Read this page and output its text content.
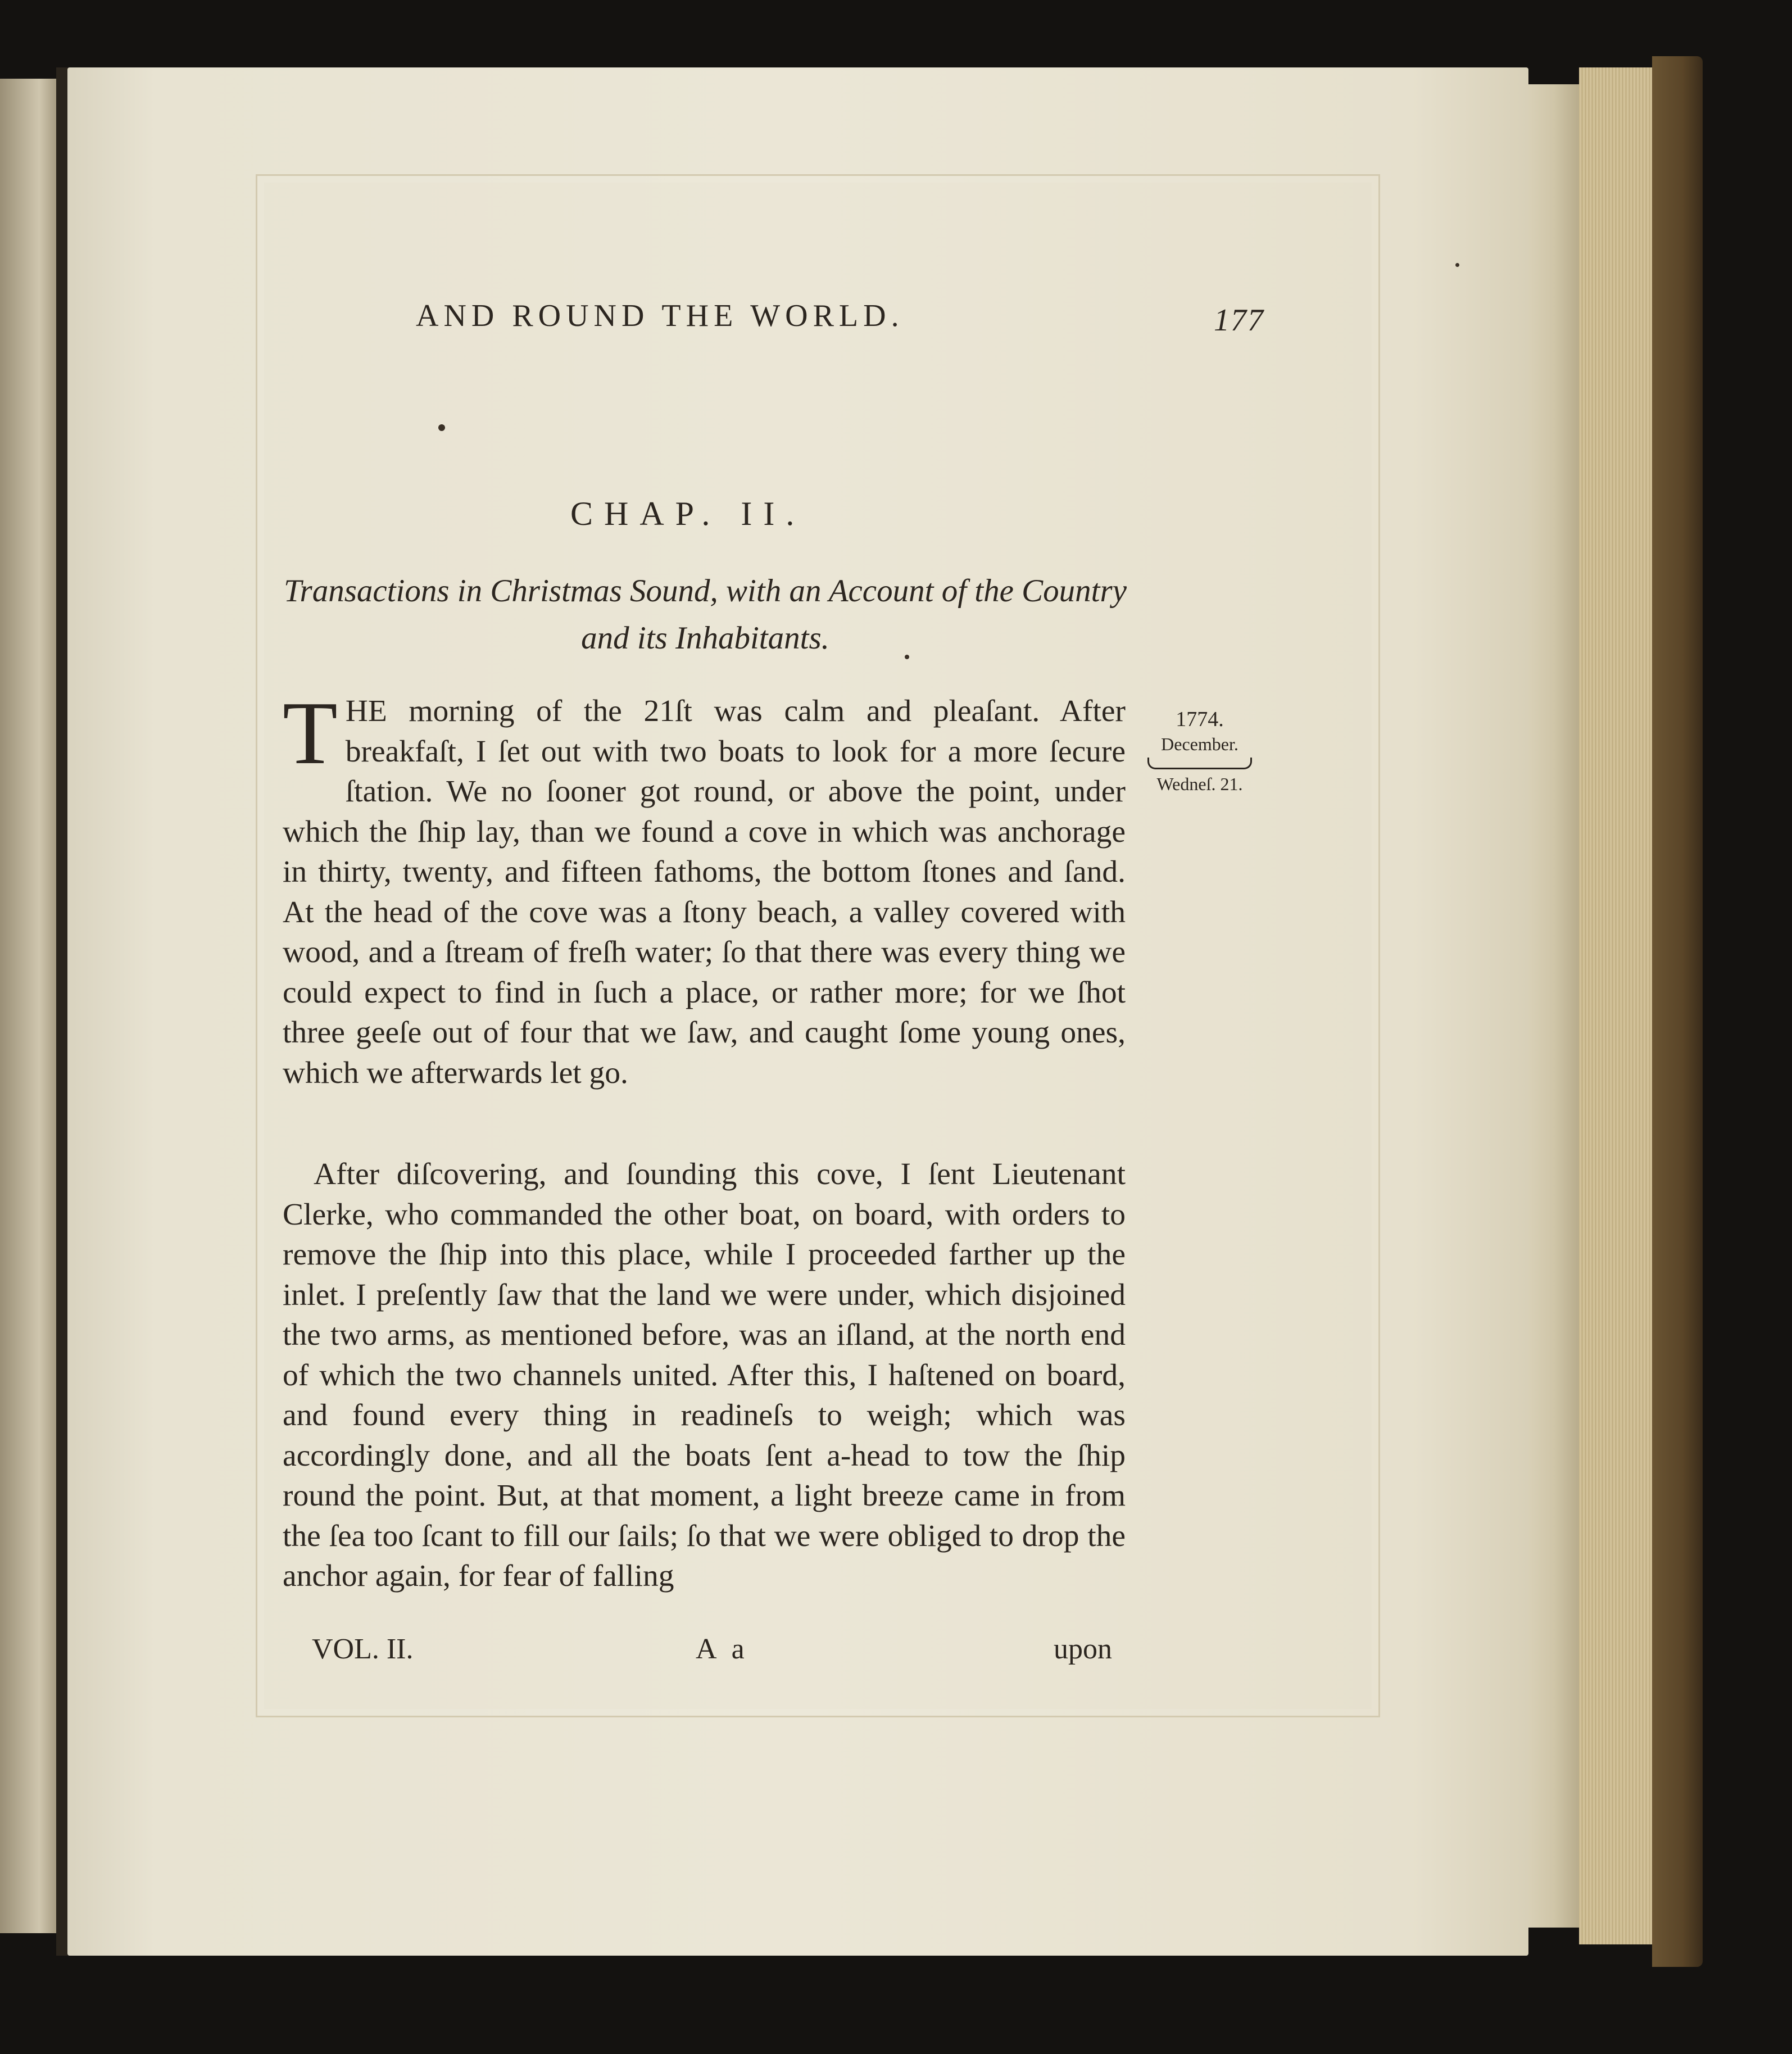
AND ROUND THE WORLD.	177
CHAP. II.
Transactions in Christmas Sound, with an Account of the Country and its Inhabitants.
T HE morning of the 21ſt was calm and pleaſant. After breakfaſt, I ſet out with two boats to look for a more ſecure ſtation. We no ſooner got round, or above the point, under which the ſhip lay, than we found a cove in which was anchorage in thirty, twenty, and fifteen fathoms, the bottom ſtones and ſand. At the head of the cove was a ſtony beach, a valley covered with wood, and a ſtream of freſh water; ſo that there was every thing we could expect to find in ſuch a place, or rather more; for we ſhot three geeſe out of four that we ſaw, and caught ſome young ones, which we afterwards let go.
1774.
December.
Wedneſ. 21.
After diſcovering, and ſounding this cove, I ſent Lieutenant Clerke, who commanded the other boat, on board, with orders to remove the ſhip into this place, while I proceeded farther up the inlet. I preſently ſaw that the land we were under, which disjoined the two arms, as mentioned before, was an iſland, at the north end of which the two channels united. After this, I haſtened on board, and found every thing in readineſs to weigh; which was accordingly done, and all the boats ſent a-head to tow the ſhip round the point. But, at that moment, a light breeze came in from the ſea too ſcant to fill our ſails; ſo that we were obliged to drop the anchor again, for fear of falling
VOL. II.	A a	upon
